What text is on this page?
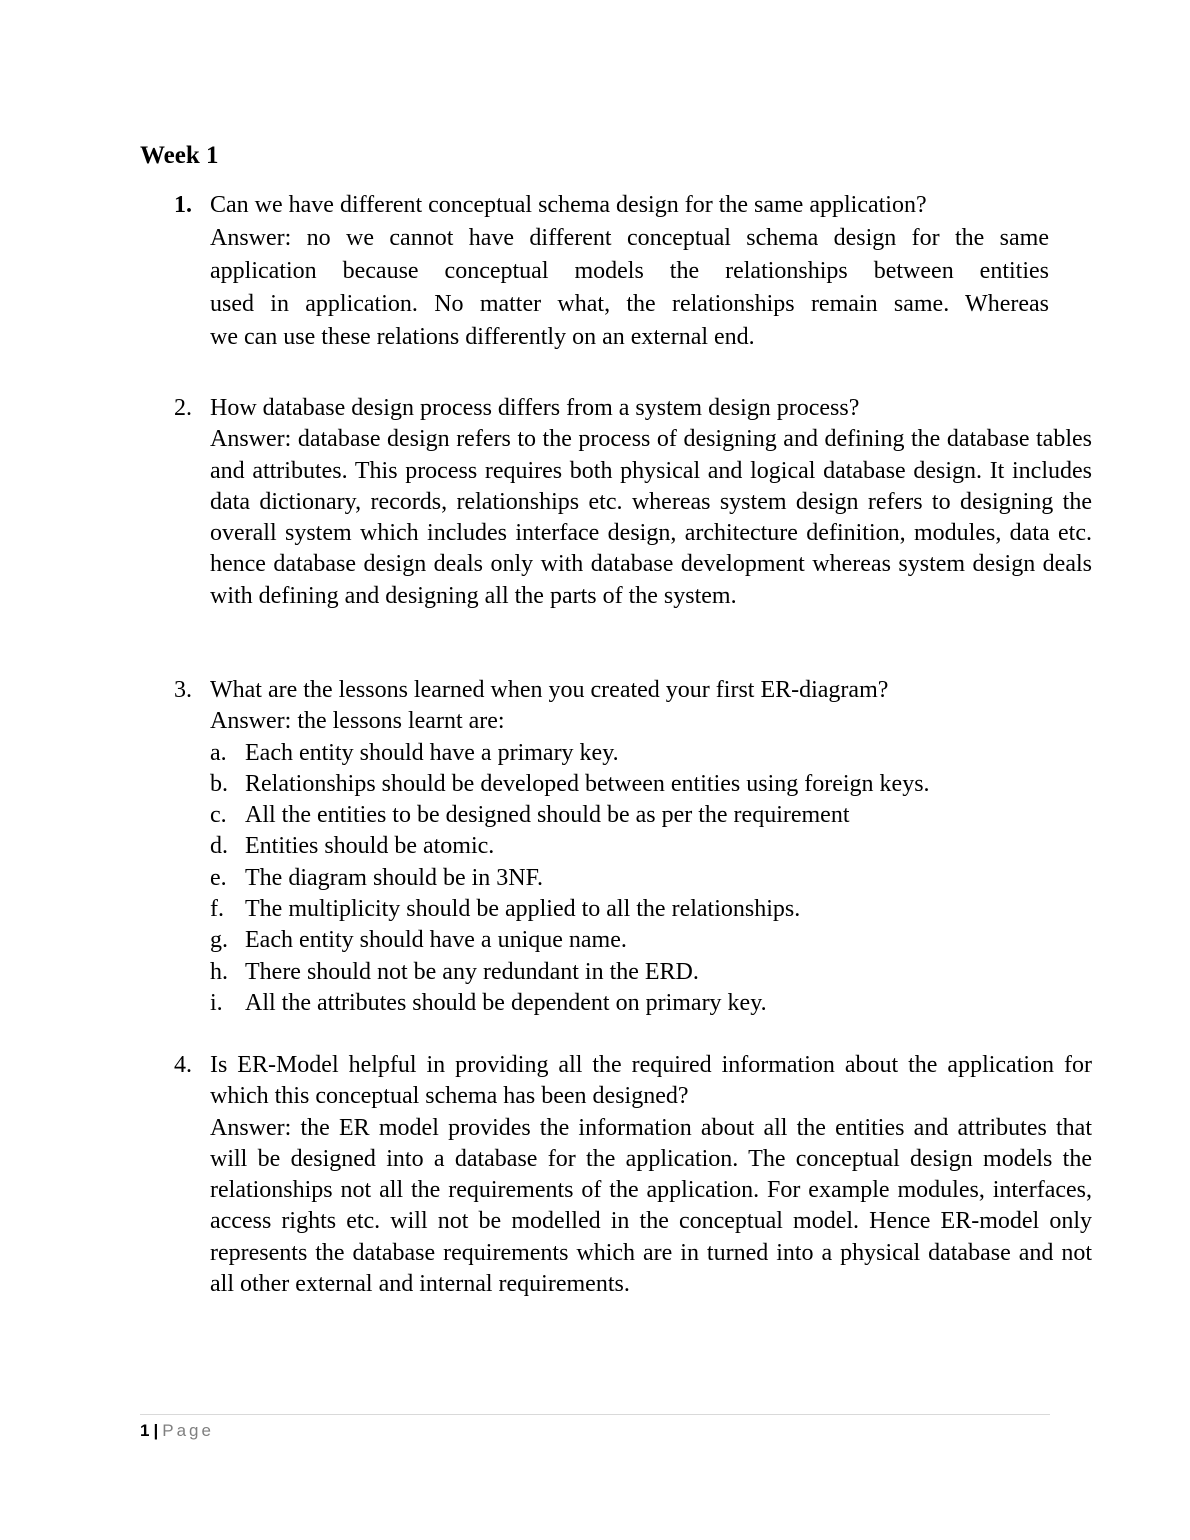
Week 1
1. Can we have different conceptual schema design for the same application?

Answer: no we cannot have different conceptual schema design for the same

application because conceptual models the relationships between entities

used in application. No matter what, the relationships remain same. Whereas

we can use these relations differently on an external end.

2. How database design process differs from a system design process?

Answer: database design refers to the process of designing and defining the database tables and attributes. This process requires both physical and logical database design. It includes data dictionary, records, relationships etc. whereas system design refers to designing the overall system which includes interface design, architecture definition, modules, data etc. hence database design deals only with database development whereas system design deals with defining and designing all the parts of the system.

3. What are the lessons learned when you created your first ER-diagram?

Answer: the lessons learnt are:

a. Each entity should have a primary key.
b. Relationships should be developed between entities using foreign keys.
c. All the entities to be designed should be as per the requirement
d. Entities should be atomic.
e. The diagram should be in 3NF.
f. The multiplicity should be applied to all the relationships.
g. Each entity should have a unique name.
h. There should not be any redundant in the ERD.
i. All the attributes should be dependent on primary key.
4. Is ER-Model helpful in providing all the required information about the application for which this conceptual schema has been designed?

Answer: the ER model provides the information about all the entities and attributes that will be designed into a database for the application. The conceptual design models the relationships not all the requirements of the application. For example modules, interfaces, access rights etc. will not be modelled in the conceptual model. Hence ER-model only represents the database requirements which are in turned into a physical database and not all other external and internal requirements.

1 | Page
